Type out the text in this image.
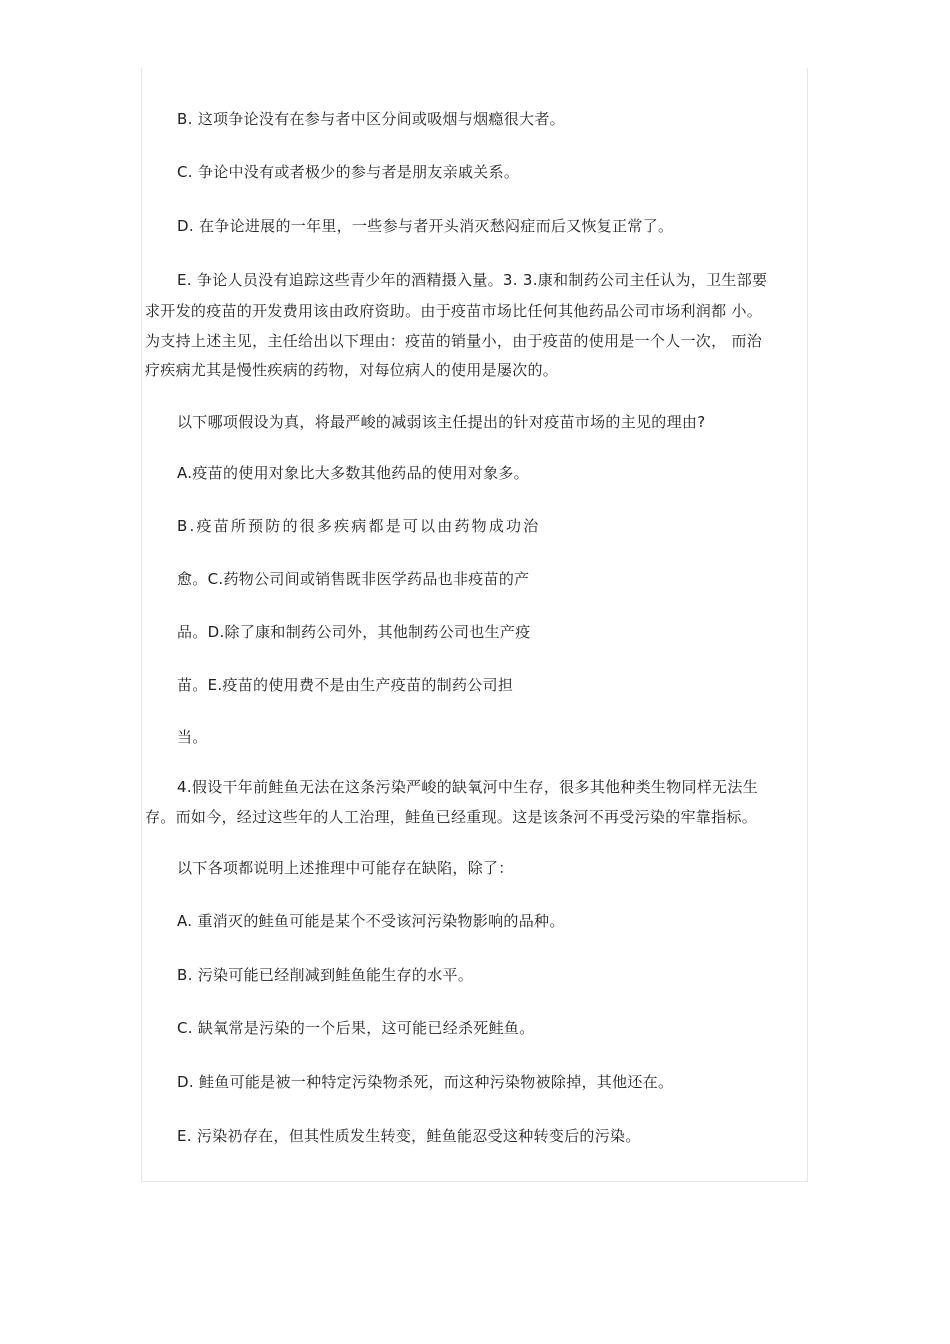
B. 这项争论没有在参与者中区分间或吸烟与烟瘾很大者。
C. 争论中没有或者极少的参与者是朋友亲戚关系。
D. 在争论进展的一年里，一些参与者开头消灭愁闷症而后又恢复正常了。
E. 争论人员没有追踪这些青少年的酒精摄入量。3. 3.康和制药公司主任认为，卫生部要
求开发的疫苗的开发费用该由政府资助。由于疫苗市场比任何其他药品公司市场利润都 小。
为支持上述主见，主任给出以下理由：疫苗的销量小，由于疫苗的使用是一个人一次， 而治
疗疾病尤其是慢性疾病的药物，对每位病人的使用是屡次的。
以下哪项假设为真，将最严峻的减弱该主任提出的针对疫苗市场的主见的理由?
A.疫苗的使用对象比大多数其他药品的使用对象多。
B.疫苗所预防的很多疾病都是可以由药物成功治
愈。C.药物公司间或销售既非医学药品也非疫苗的产
品。D.除了康和制药公司外，其他制药公司也生产疫
苗。E.疫苗的使用费不是由生产疫苗的制药公司担
当。
4.假设干年前鲑鱼无法在这条污染严峻的缺氧河中生存，很多其他种类生物同样无法生
存。而如今，经过这些年的人工治理，鲑鱼已经重现。这是该条河不再受污染的牢靠指标。
以下各项都说明上述推理中可能存在缺陷，除了：
A. 重消灭的鲑鱼可能是某个不受该河污染物影响的品种。
B. 污染可能已经削减到鲑鱼能生存的水平。
C. 缺氧常是污染的一个后果，这可能已经杀死鲑鱼。
D. 鲑鱼可能是被一种特定污染物杀死，而这种污染物被除掉，其他还在。
E. 污染礽存在，但其性质发生转变，鲑鱼能忍受这种转变后的污染。
